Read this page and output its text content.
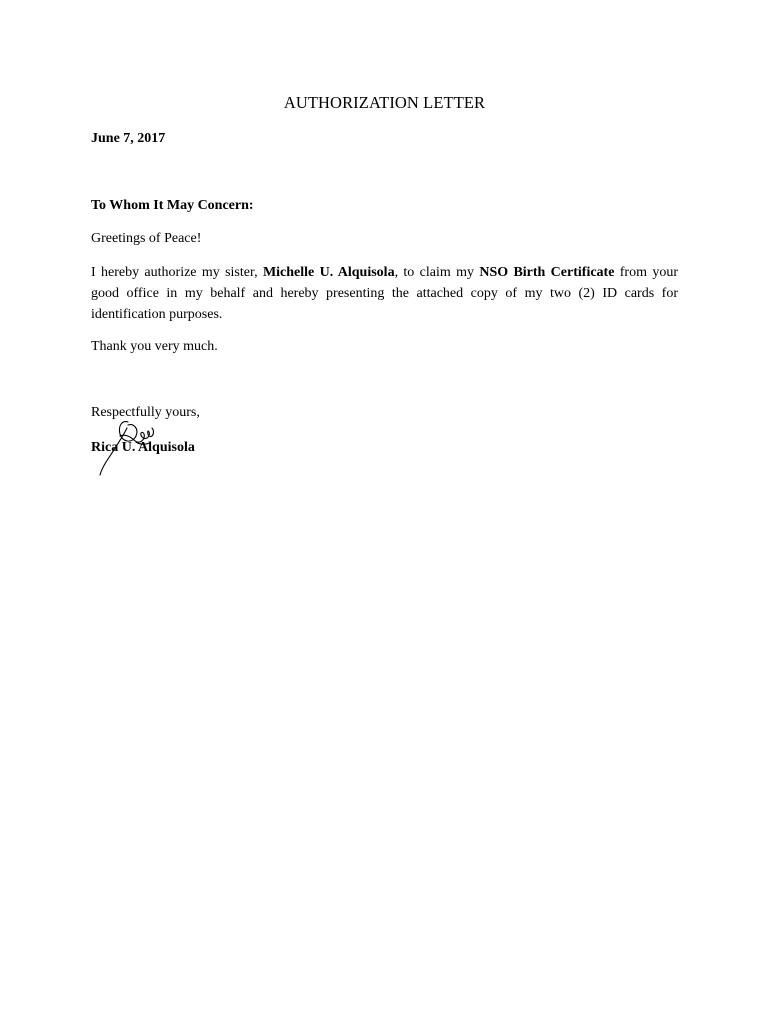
AUTHORIZATION LETTER
June 7, 2017
To Whom It May Concern:
Greetings of Peace!

I hereby authorize my sister, Michelle U. Alquisola, to claim my NSO Birth Certificate from your good office in my behalf and hereby presenting the attached copy of my two (2) ID cards for identification purposes.

Thank you very much.
Respectfully yours,
Rica U. Alquisola
